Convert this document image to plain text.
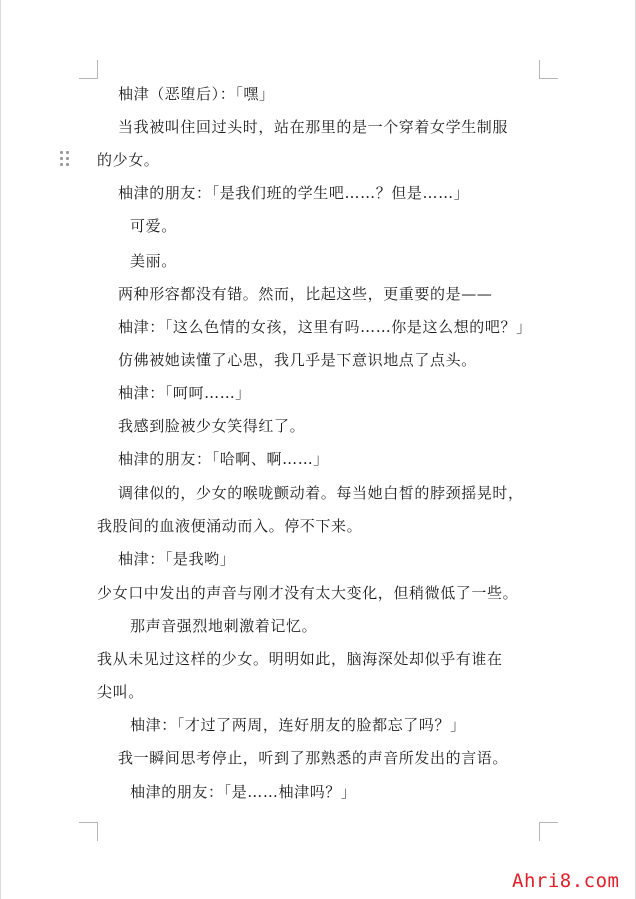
柚津（恶堕后）：「嘿」
当我被叫住回过头时，站在那里的是一个穿着女学生制服
的少女。
柚津的朋友：「是我们班的学生吧……？但是……」
可爱。
美丽。
两种形容都没有错。然而，比起这些，更重要的是——
柚津：「这么色情的女孩，这里有吗……你是这么想的吧？」
仿佛被她读懂了心思，我几乎是下意识地点了点头。
柚津：「呵呵……」
我感到脸被少女笑得红了。
柚津的朋友：「哈啊、啊……」
调律似的，少女的喉咙颤动着。每当她白皙的脖颈摇晃时，
我股间的血液便涌动而入。停不下来。
柚津：「是我哟」
少女口中发出的声音与刚才没有太大变化，但稍微低了一些。
那声音强烈地刺激着记忆。
我从未见过这样的少女。明明如此，脑海深处却似乎有谁在
尖叫。
柚津：「才过了两周，连好朋友的脸都忘了吗？」
我一瞬间思考停止，听到了那熟悉的声音所发出的言语。
柚津的朋友：「是……柚津吗？」
Ahri8.com
